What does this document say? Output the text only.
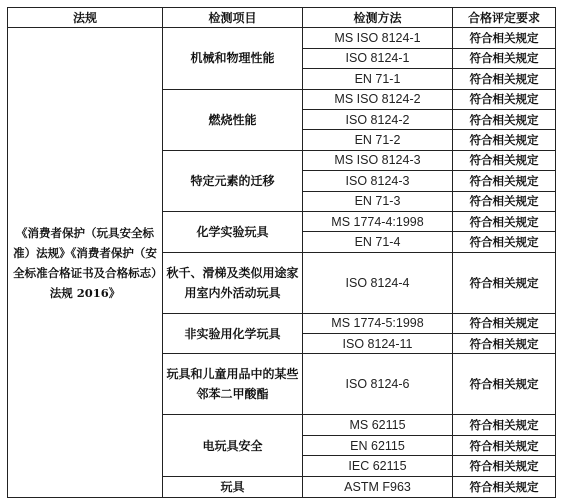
法规	检测项目	检测方法	合格评定要求
《消费者保护（玩具安全标准）法规》《消费者保护（安全标准合格证书及合格标志）法规 2016》	机械和物理性能	MS ISO 8124-1	符合相关规定
		ISO 8124-1	符合相关规定
		EN 71-1	符合相关规定
	燃烧性能	MS ISO 8124-2	符合相关规定
		ISO 8124-2	符合相关规定
		EN 71-2	符合相关规定
	特定元素的迁移	MS ISO 8124-3	符合相关规定
		ISO 8124-3	符合相关规定
		EN 71-3	符合相关规定
	化学实验玩具	MS 1774-4:1998	符合相关规定
		EN 71-4	符合相关规定
	秋千、滑梯及类似用途家用室内外活动玩具	ISO 8124-4	符合相关规定
	非实验用化学玩具	MS 1774-5:1998	符合相关规定
		ISO 8124-11	符合相关规定
	玩具和儿童用品中的某些邻苯二甲酸酯	ISO 8124-6	符合相关规定
	电玩具安全	MS 62115	符合相关规定
		EN 62115	符合相关规定
		IEC 62115	符合相关规定
	玩具	ASTM F963	符合相关规定
